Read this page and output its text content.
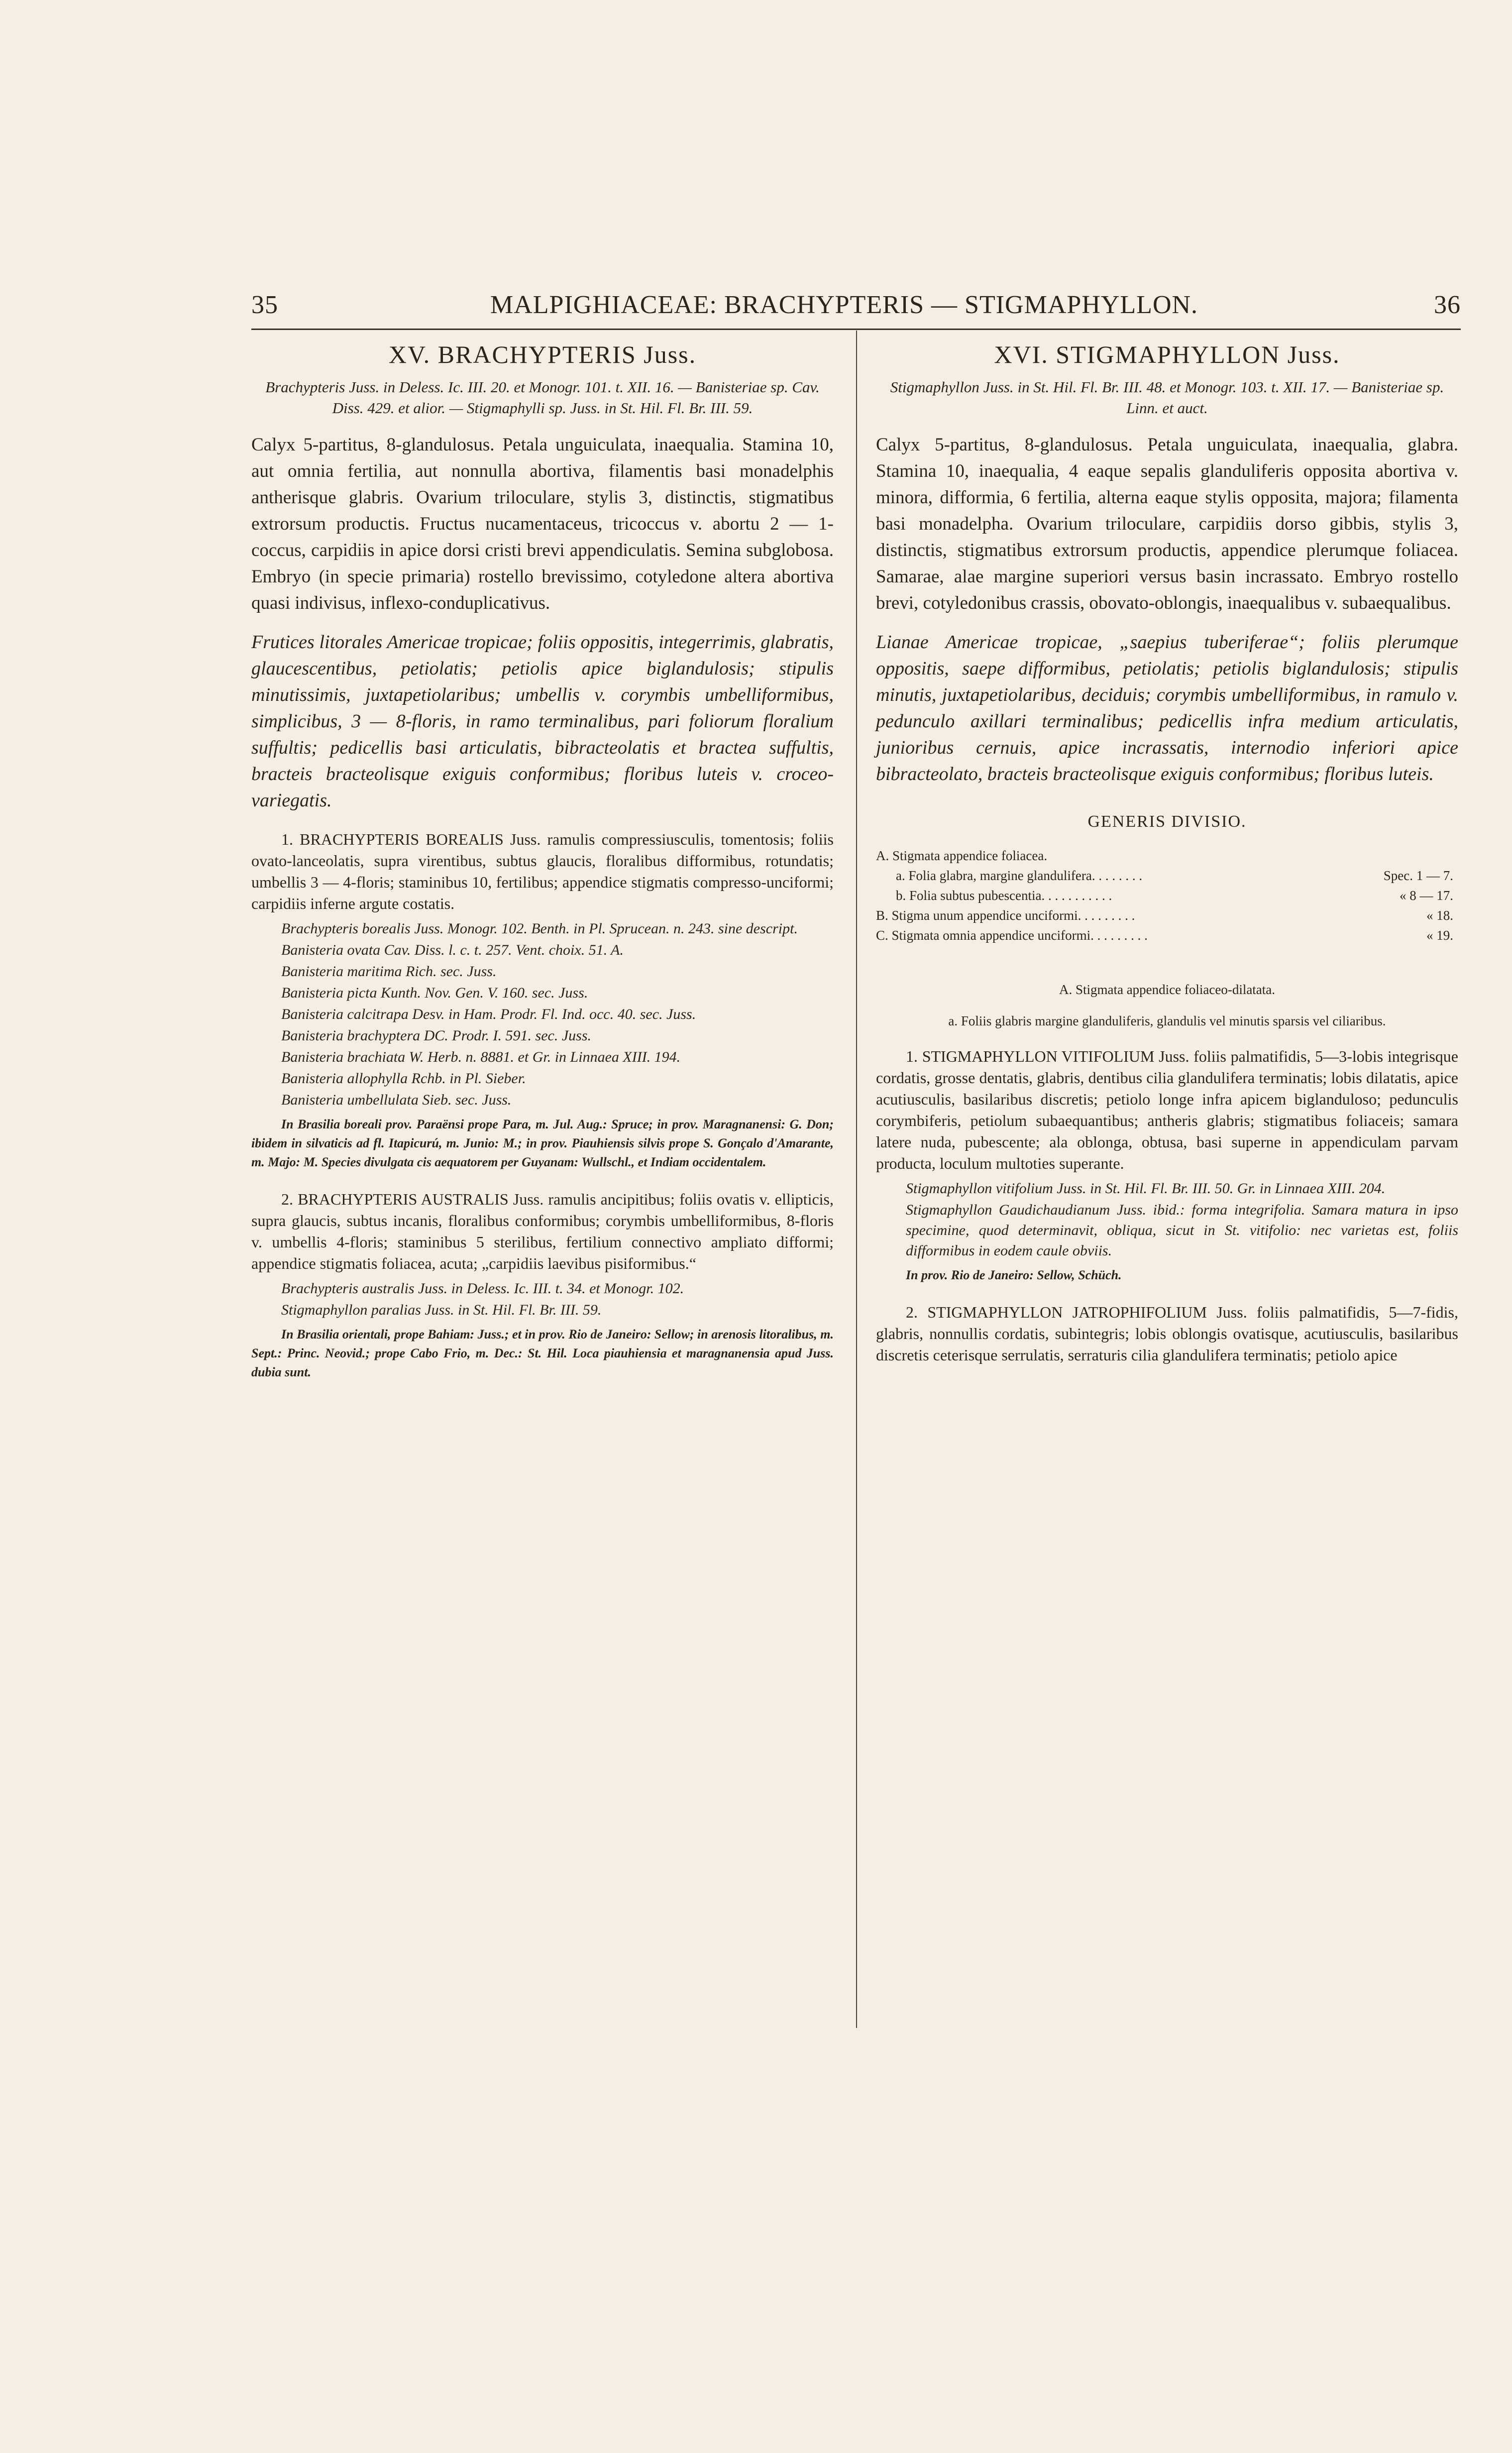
35	MALPIGHIACEAE: BRACHYPTERIS — STIGMAPHYLLON.	36
XV. BRACHYPTERIS Juss.
Brachypteris Juss. in Deless. Ic. III. 20. et Monogr. 101. t. XII. 16. — Banisteriae sp. Cav. Diss. 429. et alior. — Stigmaphylli sp. Juss. in St. Hil. Fl. Br. III. 59.

Calyx 5-partitus, 8-glandulosus. Petala unguiculata, inaequalia. Stamina 10, aut omnia fertilia, aut nonnulla abortiva, filamentis basi monadelphis antherisque glabris. Ovarium triloculare, stylis 3, distinctis, stigmatibus extrorsum productis. Fructus nucamentaceus, tricoccus v. abortu 2 — 1-coccus, carpidiis in apice dorsi cristi brevi appendiculatis. Semina subglobosa. Embryo (in specie primaria) rostello brevissimo, cotyledone altera abortiva quasi indivisus, inflexo-conduplicativus.

Frutices litorales Americae tropicae; foliis oppositis, integerrimis, glabratis, glaucescentibus, petiolatis; petiolis apice biglandulosis; stipulis minutissimis, juxtapetiolaribus; umbellis v. corymbis umbelliformibus, simplicibus, 3 — 8-floris, in ramo terminalibus, pari foliorum floralium suffultis; pedicellis basi articulatis, bibracteolatis et bractea suffultis, bracteis bracteolisque exiguis conformibus; floribus luteis v. croceo-variegatis.

1. BRACHYPTERIS BOREALIS Juss. ramulis compressiusculis, tomentosis; foliis ovato-lanceolatis, supra virentibus, subtus glaucis, floralibus difformibus, rotundatis; umbellis 3 — 4-floris; staminibus 10, fertilibus; appendice stigmatis compresso-unciformi; carpidiis inferne argute costatis.

Brachypteris borealis Juss. Monogr. 102. Benth. in Pl. Sprucean. n. 243. sine descript.

Banisteria ovata Cav. Diss. l. c. t. 257. Vent. choix. 51. A.

Banisteria maritima Rich. sec. Juss.

Banisteria picta Kunth. Nov. Gen. V. 160. sec. Juss.

Banisteria calcitrapa Desv. in Ham. Prodr. Fl. Ind. occ. 40. sec. Juss.

Banisteria brachyptera DC. Prodr. I. 591. sec. Juss.

Banisteria brachiata W. Herb. n. 8881. et Gr. in Linnaea XIII. 194.

Banisteria allophylla Rchb. in Pl. Sieber.

Banisteria umbellulata Sieb. sec. Juss.

In Brasilia boreali prov. Paraënsi prope Para, m. Jul. Aug.: Spruce; in prov. Maragnanensi: G. Don; ibidem in silvaticis ad fl. Itapicurú, m. Junio: M.; in prov. Piauhiensis silvis prope S. Gonçalo d'Amarante, m. Majo: M. Species divulgata cis aequatorem per Guyanam: Wullschl., et Indiam occidentalem.

2. BRACHYPTERIS AUSTRALIS Juss. ramulis ancipitibus; foliis ovatis v. ellipticis, supra glaucis, subtus incanis, floralibus conformibus; corymbis umbelliformibus, 8-floris v. umbellis 4-floris; staminibus 5 sterilibus, fertilium connectivo ampliato difformi; appendice stigmatis foliacea, acuta; „carpidiis laevibus pisiformibus.“

Brachypteris australis Juss. in Deless. Ic. III. t. 34. et Monogr. 102.

Stigmaphyllon paralias Juss. in St. Hil. Fl. Br. III. 59.

In Brasilia orientali, prope Bahiam: Juss.; et in prov. Rio de Janeiro: Sellow; in arenosis litoralibus, m. Sept.: Princ. Neovid.; prope Cabo Frio, m. Dec.: St. Hil. Loca piauhiensia et maragnanensia apud Juss. dubia sunt.

XVI. STIGMAPHYLLON Juss.
Stigmaphyllon Juss. in St. Hil. Fl. Br. III. 48. et Monogr. 103. t. XII. 17. — Banisteriae sp. Linn. et auct.

Calyx 5-partitus, 8-glandulosus. Petala unguiculata, inaequalia, glabra. Stamina 10, inaequalia, 4 eaque sepalis glanduliferis opposita abortiva v. minora, difformia, 6 fertilia, alterna eaque stylis opposita, majora; filamenta basi monadelpha. Ovarium triloculare, carpidiis dorso gibbis, stylis 3, distinctis, stigmatibus extrorsum productis, appendice plerumque foliacea. Samarae, alae margine superiori versus basin incrassato. Embryo rostello brevi, cotyledonibus crassis, obovato-oblongis, inaequalibus v. subaequalibus.

Lianae Americae tropicae, „saepius tuberiferae“; foliis plerumque oppositis, saepe difformibus, petiolatis; petiolis biglandulosis; stipulis minutis, juxtapetiolaribus, deciduis; corymbis umbelliformibus, in ramulo v. pedunculo axillari terminalibus; pedicellis infra medium articulatis, junioribus cernuis, apice incrassatis, internodio inferiori apice bibracteolato, bracteis bracteolisque exiguis conformibus; floribus luteis.

GENERIS DIVISIO.
A. Stigmata appendice foliacea.
a. Folia glabra, margine glandulifera. . . . . . . .	Spec. 1 — 7.
b. Folia subtus pubescentia. . . . . . . . . . .	« 8 — 17.
B. Stigma unum appendice unciformi. . . . . . . . .	« 18.
C. Stigmata omnia appendice unciformi. . . . . . . . .	« 19.
A. Stigmata appendice foliaceo-dilatata.
a. Foliis glabris margine glanduliferis, glandulis vel minutis sparsis vel ciliaribus.

1. STIGMAPHYLLON VITIFOLIUM Juss. foliis palmatifidis, 5—3-lobis integrisque cordatis, grosse dentatis, glabris, dentibus cilia glandulifera terminatis; lobis dilatatis, apice acutiusculis, basilaribus discretis; petiolo longe infra apicem biglanduloso; pedunculis corymbiferis, petiolum subaequantibus; antheris glabris; stigmatibus foliaceis; samara latere nuda, pubescente; ala oblonga, obtusa, basi superne in appendiculam parvam producta, loculum multoties superante.

Stigmaphyllon vitifolium Juss. in St. Hil. Fl. Br. III. 50. Gr. in Linnaea XIII. 204.

Stigmaphyllon Gaudichaudianum Juss. ibid.: forma integrifolia. Samara matura in ipso specimine, quod determinavit, obliqua, sicut in St. vitifolio: nec varietas est, foliis difformibus in eodem caule obviis.

In prov. Rio de Janeiro: Sellow, Schüch.

2. STIGMAPHYLLON JATROPHIFOLIUM Juss. foliis palmatifidis, 5—7-fidis, glabris, nonnullis cordatis, subintegris; lobis oblongis ovatisque, acutiusculis, basilaribus discretis ceterisque serrulatis, serraturis cilia glandulifera terminatis; petiolo apice
